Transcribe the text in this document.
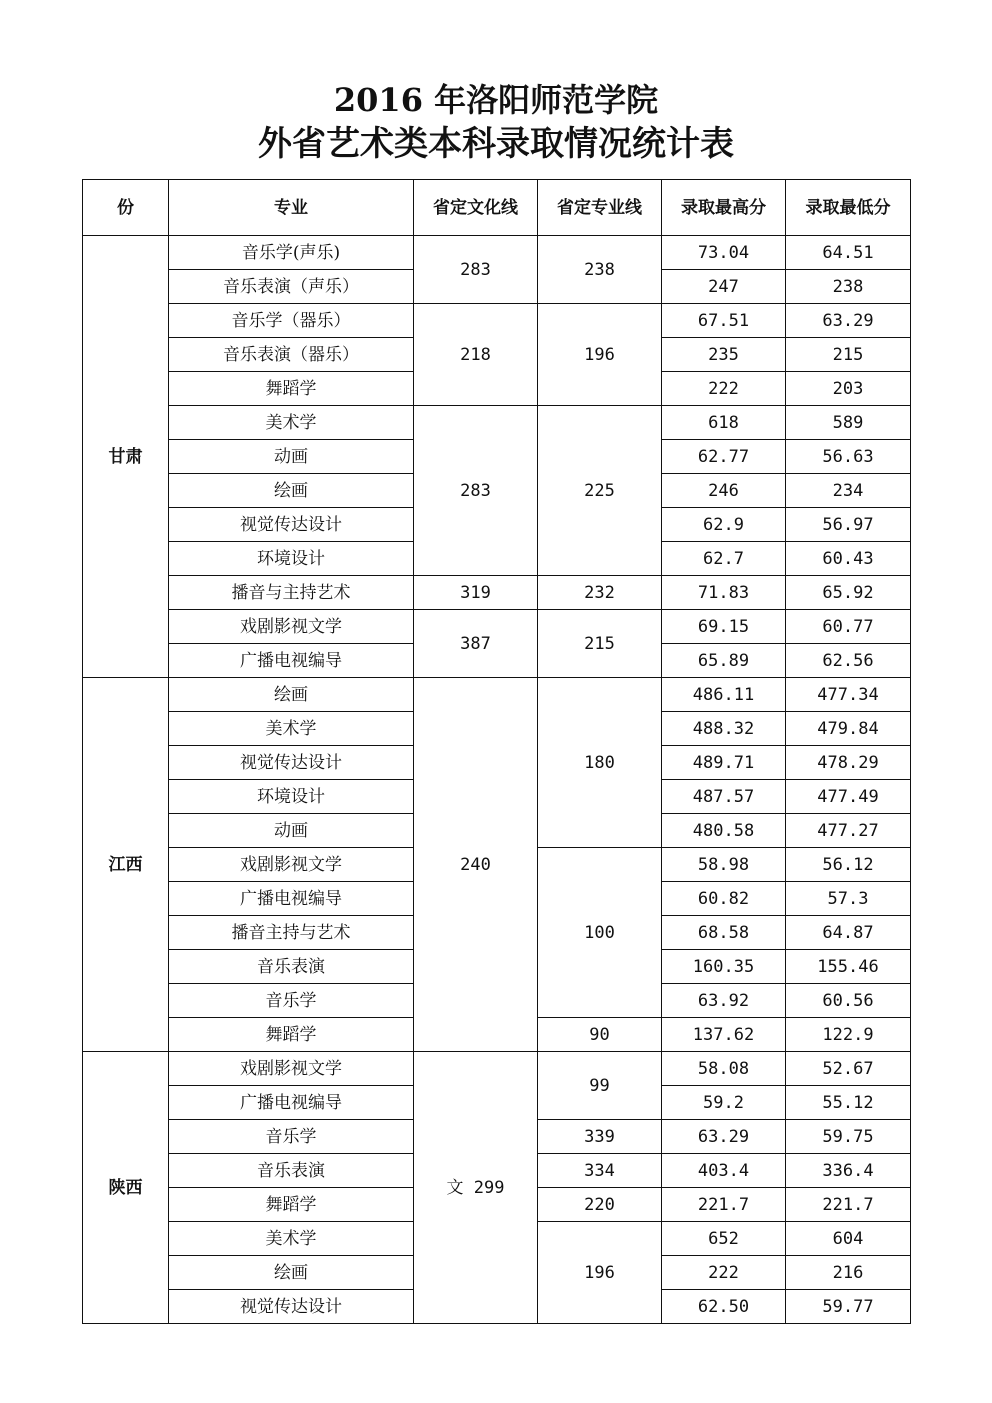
2016 年洛阳师范学院
外省艺术类本科录取情况统计表
份	专业	省定文化线	省定专业线	录取最高分	录取最低分
甘肃	音乐学(声乐)	283	238	73.04	64.51
	音乐表演（声乐）			247	238
	音乐学（器乐）	218	196	67.51	63.29
	音乐表演（器乐）			235	215
	舞蹈学			222	203
	美术学	283	225	618	589
	动画			62.77	56.63
	绘画			246	234
	视觉传达设计			62.9	56.97
	环境设计			62.7	60.43
	播音与主持艺术	319	232	71.83	65.92
	戏剧影视文学	387	215	69.15	60.77
	广播电视编导			65.89	62.56
江西	绘画	240	180	486.11	477.34
	美术学			488.32	479.84
	视觉传达设计			489.71	478.29
	环境设计			487.57	477.49
	动画			480.58	477.27
	戏剧影视文学		100	58.98	56.12
	广播电视编导			60.82	57.3
	播音主持与艺术			68.58	64.87
	音乐表演			160.35	155.46
	音乐学			63.92	60.56
	舞蹈学		90	137.62	122.9
陕西	戏剧影视文学	文 299	99	58.08	52.67
	广播电视编导			59.2	55.12
	音乐学		339	63.29	59.75
	音乐表演		334	403.4	336.4
	舞蹈学		220	221.7	221.7
	美术学		196	652	604
	绘画			222	216
	视觉传达设计			62.50	59.77
